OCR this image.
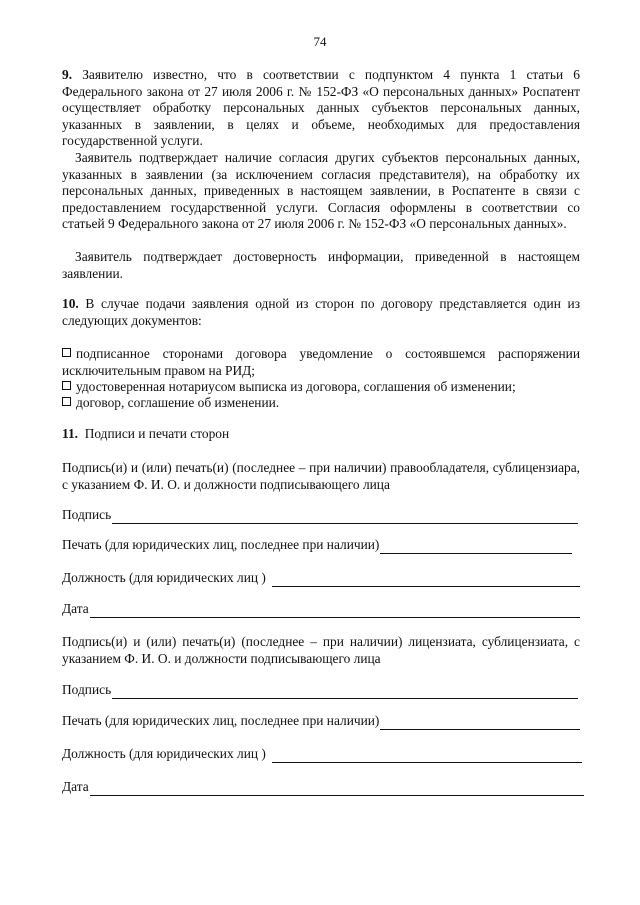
74
9. Заявителю известно, что в соответствии с подпунктом 4 пункта 1 статьи 6 Федерального закона от 27 июля 2006 г. № 152-ФЗ «О персональных данных» Роспатент осуществляет обработку персональных данных субъектов персональных данных, указанных в заявлении, в целях и объеме, необходимых для предоставления государственной услуги.
Заявитель подтверждает наличие согласия других субъектов персональных данных, указанных в заявлении (за исключением согласия представителя), на обработку их персональных данных, приведенных в настоящем заявлении, в Роспатенте в связи с предоставлением государственной услуги. Согласия оформлены в соответствии со статьей 9 Федерального закона от 27 июля 2006 г. № 152-ФЗ «О персональных данных».
Заявитель подтверждает достоверность информации, приведенной в настоящем заявлении.
10. В случае подачи заявления одной из сторон по договору представляется один из следующих документов:
подписанное сторонами договора уведомление о состоявшемся распоряжении исключительным правом на РИД;
удостоверенная нотариусом выписка из договора, соглашения об изменении;
договор, соглашение об изменении.
11. Подписи и печати сторон
Подпись(и) и (или) печать(и) (последнее – при наличии) правообладателя, сублицензиара, с указанием Ф. И. О. и должности подписывающего лица
Подпись
Печать (для юридических лиц, последнее при наличии)
Должность (для юридических лиц )
Дата
Подпись(и) и (или) печать(и) (последнее – при наличии) лицензиата, сублицензиата, с указанием Ф. И. О. и должности подписывающего лица
Подпись
Печать (для юридических лиц, последнее при наличии)
Должность (для юридических лиц )
Дата
